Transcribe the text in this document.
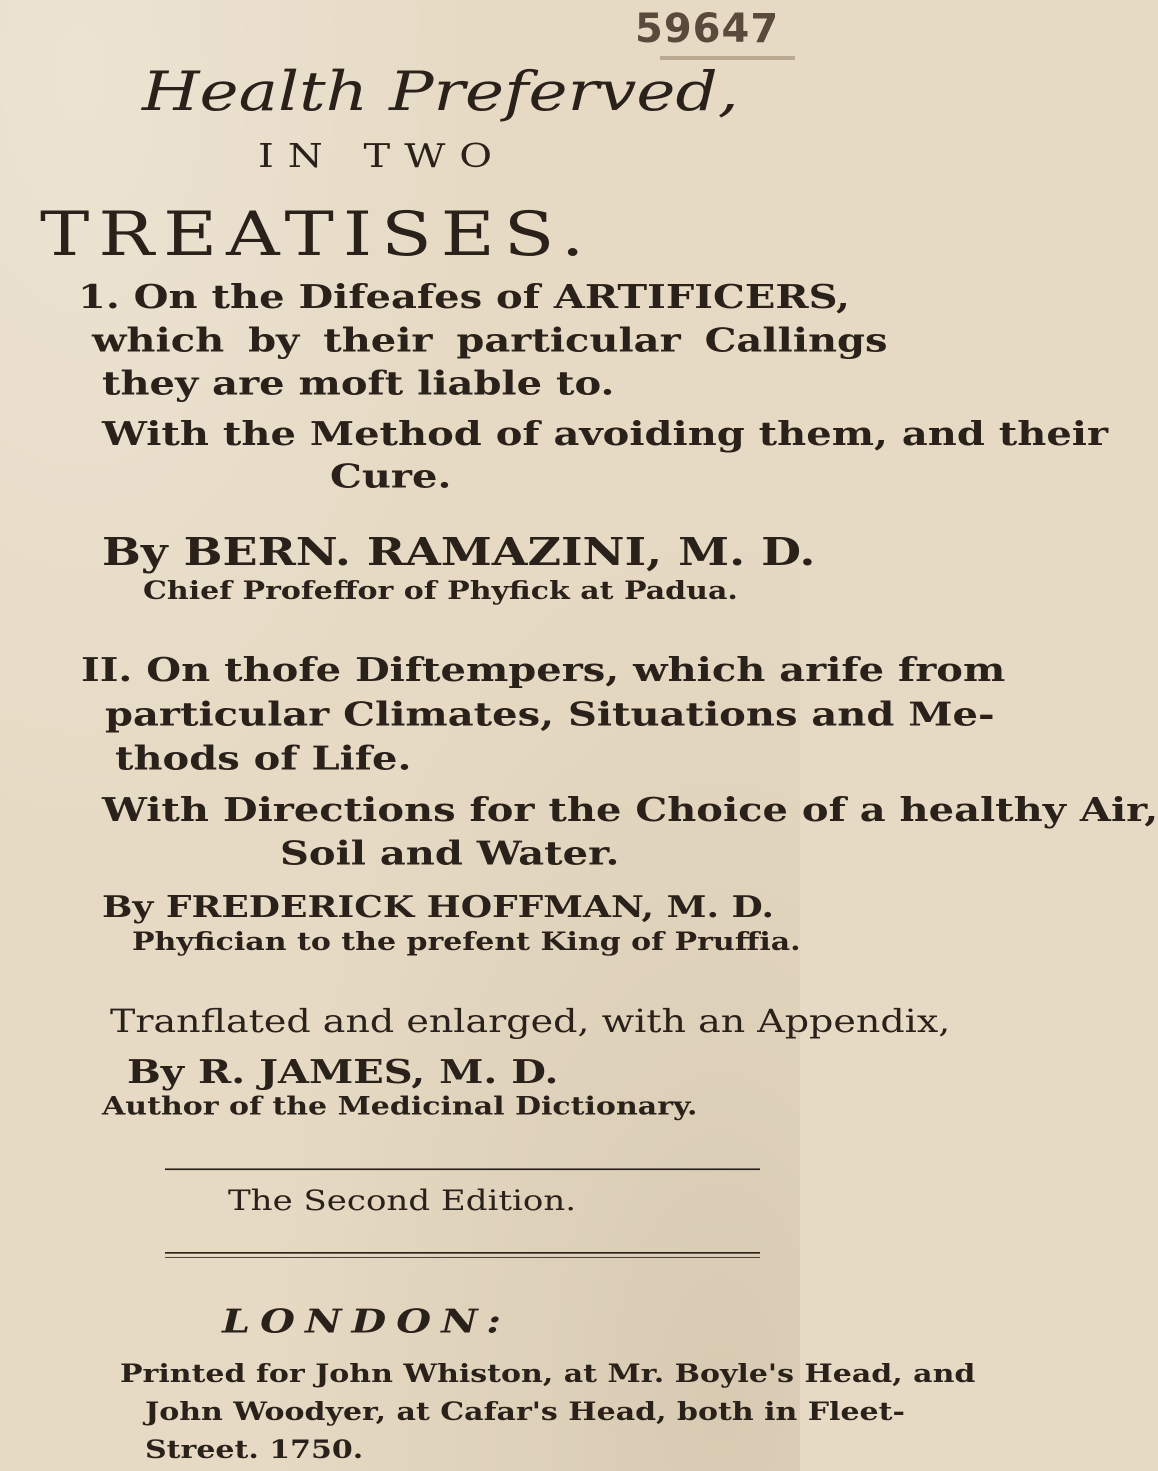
59647
Health Preferved,
IN TWO
TREATISES.
1. On the Difeafes of ARTIFICERS,
which by their particular Callings
they are moft liable to.
With the Method of avoiding them, and their
Cure.
By BERN. RAMAZINI, M. D.
Chief Profeffor of Phyfick at Padua.
II. On thofe Diftempers, which arife from
particular Climates, Situations and Me-
thods of Life.
With Directions for the Choice of a healthy Air,
Soil and Water.
By FREDERICK HOFFMAN, M. D.
Phyfician to the prefent King of Pruffia.
Tranflated and enlarged, with an Appendix,
By R. JAMES, M. D.
Author of the Medicinal Dictionary.
The Second Edition.
LONDON:
Printed for John Whiston, at Mr. Boyle's Head, and
John Woodyer, at Cafar's Head, both in Fleet-
Street. 1750.
